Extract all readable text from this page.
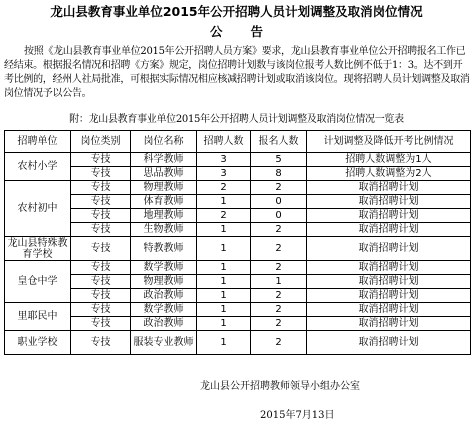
龙山县教育事业单位2015年公开招聘人员计划调整及取消岗位情况
公告
按照《龙山县教育事业单位2015年公开招聘人员方案》要求，龙山县教育事业单位公开招聘报名工作已经结束。根据报名情况和招聘《方案》规定，岗位招聘计划数与该岗位报考人数比例不低于1：3。达不到开考比例的，经州人社局批准，可根据实际情况相应核减招聘计划或取消该岗位。现将招聘人员计划调整及取消岗位情况予以公告。
附：龙山县教育事业单位2015年公开招聘人员计划调整及取消岗位情况一览表
招聘单位	岗位类别	岗位名称	招聘人数	报名人数	计划调整及降低开考比例情况
农村小学	专技	科学教师	3	5	招聘人数调整为1人
	专技	思品教师	3	8	招聘人数调整为2人
农村初中	专技	物理教师	2	2	取消招聘计划
	专技	体育教师	1	0	取消招聘计划
	专技	地理教师	2	0	取消招聘计划
	专技	生物教师	1	2	取消招聘计划
龙山县特殊教育学校	专技	特教教师	1	2	取消招聘计划
皇仓中学	专技	数学教师	1	2	取消招聘计划
	专技	物理教师	1	1	取消招聘计划
	专技	政治教师	1	2	取消招聘计划
里耶民中	专技	数学教师	1	2	取消招聘计划
	专技	政治教师	1	2	取消招聘计划
职业学校	专技	服装专业教师	1	2	取消招聘计划
龙山县公开招聘教师领导小组办公室
2015年7月13日
